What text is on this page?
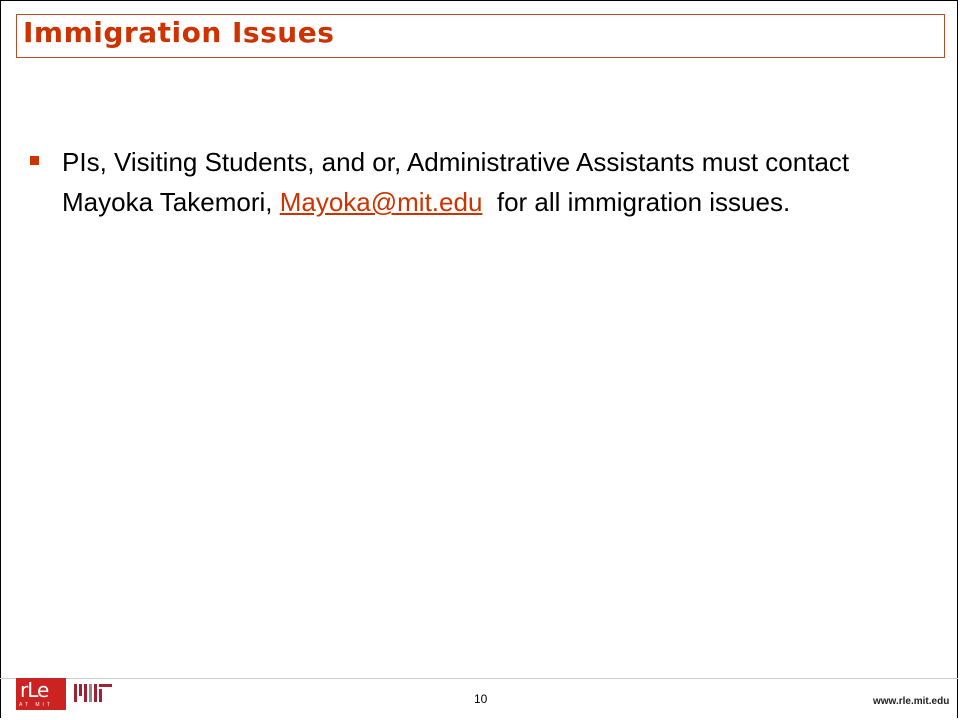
Immigration Issues
PIs, Visiting Students, and or, Administrative Assistants must contact Mayoka Takemori, Mayoka@mit.edu  for all immigration issues.
rLe
AT MIT	10	www.rle.mit.edu
